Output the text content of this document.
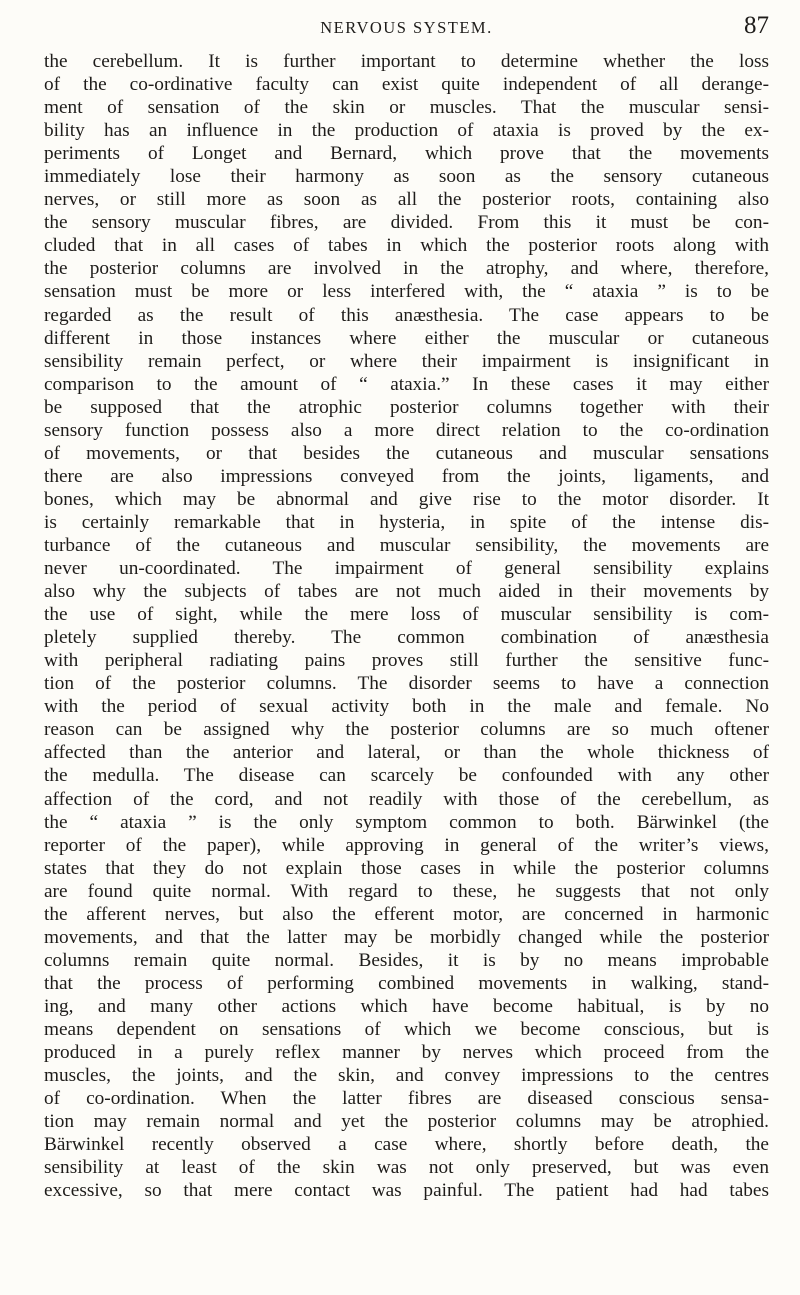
NERVOUS SYSTEM.	87
the cerebellum. It is further important to determine whether the loss
of the co-ordinative faculty can exist quite independent of all derange-
ment of sensation of the skin or muscles. That the muscular sensi-
bility has an influence in the production of ataxia is proved by the ex-
periments of Longet and Bernard, which prove that the movements
immediately lose their harmony as soon as the sensory cutaneous
nerves, or still more as soon as all the posterior roots, containing also
the sensory muscular fibres, are divided. From this it must be con-
cluded that in all cases of tabes in which the posterior roots along with
the posterior columns are involved in the atrophy, and where, therefore,
sensation must be more or less interfered with, the “ ataxia ” is to be
regarded as the result of this anæsthesia. The case appears to be
different in those instances where either the muscular or cutaneous
sensibility remain perfect, or where their impairment is insignificant in
comparison to the amount of “ ataxia.” In these cases it may either
be supposed that the atrophic posterior columns together with their
sensory function possess also a more direct relation to the co-ordination
of movements, or that besides the cutaneous and muscular sensations
there are also impressions conveyed from the joints, ligaments, and
bones, which may be abnormal and give rise to the motor disorder. It
is certainly remarkable that in hysteria, in spite of the intense dis-
turbance of the cutaneous and muscular sensibility, the movements are
never un-coordinated. The impairment of general sensibility explains
also why the subjects of tabes are not much aided in their movements by
the use of sight, while the mere loss of muscular sensibility is com-
pletely supplied thereby. The common combination of anæsthesia
with peripheral radiating pains proves still further the sensitive func-
tion of the posterior columns. The disorder seems to have a connection
with the period of sexual activity both in the male and female. No
reason can be assigned why the posterior columns are so much oftener
affected than the anterior and lateral, or than the whole thickness of
the medulla. The disease can scarcely be confounded with any other
affection of the cord, and not readily with those of the cerebellum, as
the “ ataxia ” is the only symptom common to both. Bärwinkel (the
reporter of the paper), while approving in general of the writer’s views,
states that they do not explain those cases in while the posterior columns
are found quite normal. With regard to these, he suggests that not only
the afferent nerves, but also the efferent motor, are concerned in harmonic
movements, and that the latter may be morbidly changed while the posterior
columns remain quite normal. Besides, it is by no means improbable
that the process of performing combined movements in walking, stand-
ing, and many other actions which have become habitual, is by no
means dependent on sensations of which we become conscious, but is
produced in a purely reflex manner by nerves which proceed from the
muscles, the joints, and the skin, and convey impressions to the centres
of co-ordination. When the latter fibres are diseased conscious sensa-
tion may remain normal and yet the posterior columns may be atrophied.
Bärwinkel recently observed a case where, shortly before death, the
sensibility at least of the skin was not only preserved, but was even
excessive, so that mere contact was painful. The patient had had tabes
